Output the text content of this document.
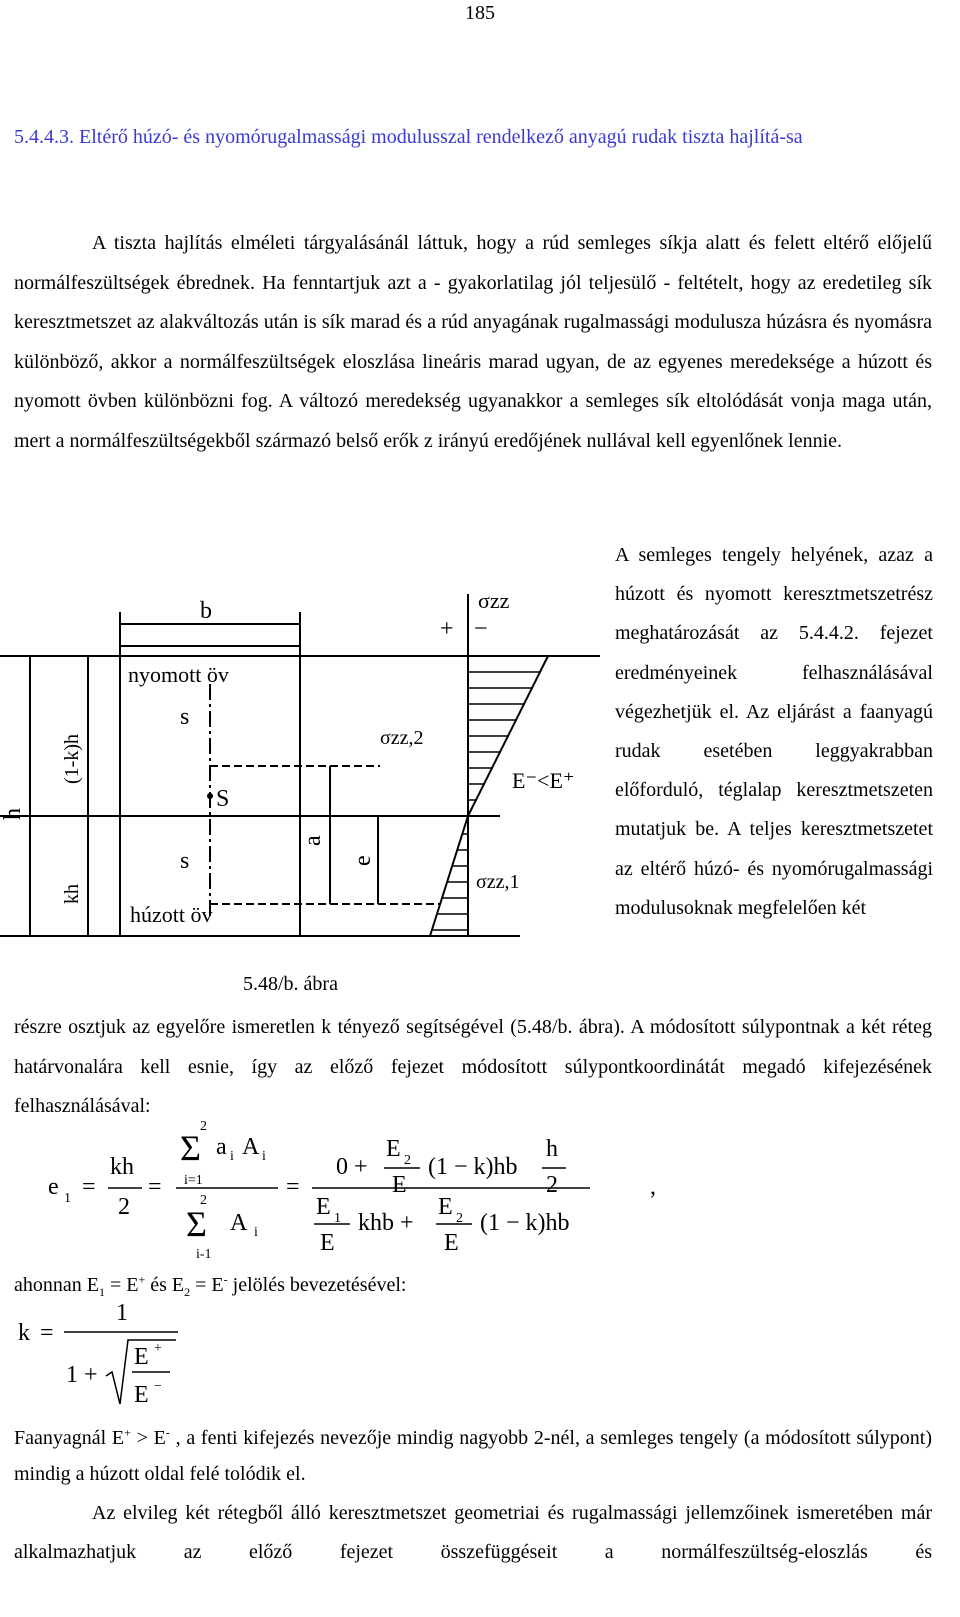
185
5.4.4.3. Eltérő húzó- és nyomórugalmassági modulusszal rendelkező anyagú rudak tiszta hajlítá-sa

A tiszta hajlítás elméleti tárgyalásánál láttuk, hogy a rúd semleges síkja alatt és felett eltérő előjelű normálfeszültségek ébrednek. Ha fenntartjuk azt a - gyakorlatilag jól teljesülő - feltételt, hogy az eredetileg sík keresztmetszet az alakváltozás után is sík marad és a rúd anyagának rugalmassági modulusza húzásra és nyomásra különböző, akkor a normálfeszültségek eloszlása lineáris marad ugyan, de az egyenes meredeksége a húzott és nyomott övben különbözni fog. A változó meredekség ugyanakkor a semleges sík eltolódását vonja maga után, mert a normálfeszültségekből származó belső erők z irányú eredőjének nullával kell egyenlőnek lennie.

b	σzz
+ −
nyomott öv
s
S
s
húzott öv
h
(1-k)h
kh
a
e
σzz,2
σzz,1
E⁻<E⁺

A semleges tengely helyének, azaz a húzott és nyomott keresztmetszetrész meghatározását az 5.4.4.2. fejezet eredményeinek felhasználásával végezhetjük el. Az eljárást a faanyagú rudak esetében leggyakrabban előforduló, téglalap keresztmetszeten mutatjuk be. A teljes keresztmetszetet az eltérő húzó- és nyomórugalmassági modulusoknak megfelelően két

5.48/b. ábra

részre osztjuk az egyelőre ismeretlen k tényező segítségével (5.48/b. ábra). A módosított súlypontnak a két réteg határvonalára kell esnie, így az előző fejezet módosított súlypontkoordinátát megadó kifejezésének felhasználásával:

e 1 =
kh
2
=
2
Σ a i A i
i=1
2
Σ A i
i-1
=
0 +
E 2
E
(1 − k)hb
h
2
E 1
E
khb +
E 2
E
(1 − k)hb
,

ahonnan $E_1 = E^+$ és $E_2 = E^-$ jelölés bevezetésével:

k =
1
1 +
E +
E −

Faanyagnál E+ > E- , a fenti kifejezés nevezője mindig nagyobb 2-nél, a semleges tengely (a módosított súlypont) mindig a húzott oldal felé tolódik el.

Az elvileg két rétegből álló keresztmetszet geometriai és rugalmassági jellemzőinek ismeretében már alkalmazhatjuk az előző fejezet összefüggéseit a normálfeszültség-eloszlás és
